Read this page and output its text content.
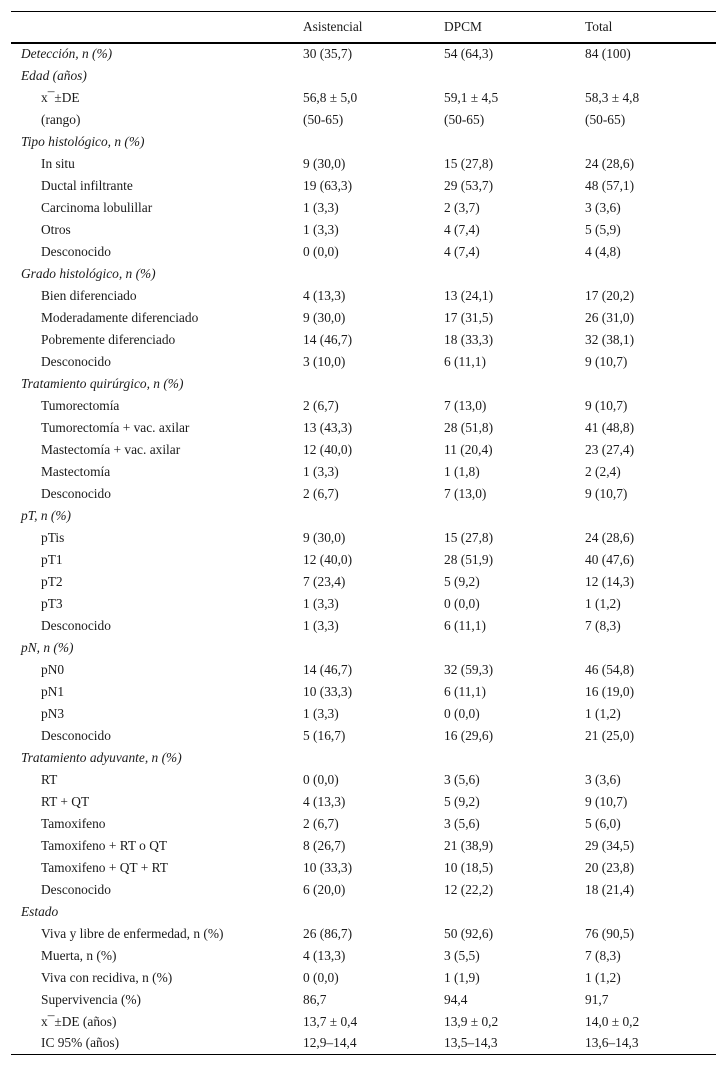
	Asistencial	DPCM	Total
Detección, n (%)	30 (35,7)	54 (64,3)	84 (100)
Edad (años)			
x¯±DE	56,8 ± 5,0	59,1 ± 4,5	58,3 ± 4,8
(rango)	(50-65)	(50-65)	(50-65)
Tipo histológico, n (%)			
In situ	9 (30,0)	15 (27,8)	24 (28,6)
Ductal infiltrante	19 (63,3)	29 (53,7)	48 (57,1)
Carcinoma lobulillar	1 (3,3)	2 (3,7)	3 (3,6)
Otros	1 (3,3)	4 (7,4)	5 (5,9)
Desconocido	0 (0,0)	4 (7,4)	4 (4,8)
Grado histológico, n (%)			
Bien diferenciado	4 (13,3)	13 (24,1)	17 (20,2)
Moderadamente diferenciado	9 (30,0)	17 (31,5)	26 (31,0)
Pobremente diferenciado	14 (46,7)	18 (33,3)	32 (38,1)
Desconocido	3 (10,0)	6 (11,1)	9 (10,7)
Tratamiento quirúrgico, n (%)			
Tumorectomía	2 (6,7)	7 (13,0)	9 (10,7)
Tumorectomía + vac. axilar	13 (43,3)	28 (51,8)	41 (48,8)
Mastectomía + vac. axilar	12 (40,0)	11 (20,4)	23 (27,4)
Mastectomía	1 (3,3)	1 (1,8)	2 (2,4)
Desconocido	2 (6,7)	7 (13,0)	9 (10,7)
pT, n (%)			
pTis	9 (30,0)	15 (27,8)	24 (28,6)
pT1	12 (40,0)	28 (51,9)	40 (47,6)
pT2	7 (23,4)	5 (9,2)	12 (14,3)
pT3	1 (3,3)	0 (0,0)	1 (1,2)
Desconocido	1 (3,3)	6 (11,1)	7 (8,3)
pN, n (%)			
pN0	14 (46,7)	32 (59,3)	46 (54,8)
pN1	10 (33,3)	6 (11,1)	16 (19,0)
pN3	1 (3,3)	0 (0,0)	1 (1,2)
Desconocido	5 (16,7)	16 (29,6)	21 (25,0)
Tratamiento adyuvante, n (%)			
RT	0 (0,0)	3 (5,6)	3 (3,6)
RT + QT	4 (13,3)	5 (9,2)	9 (10,7)
Tamoxifeno	2 (6,7)	3 (5,6)	5 (6,0)
Tamoxifeno + RT o QT	8 (26,7)	21 (38,9)	29 (34,5)
Tamoxifeno + QT + RT	10 (33,3)	10 (18,5)	20 (23,8)
Desconocido	6 (20,0)	12 (22,2)	18 (21,4)
Estado			
Viva y libre de enfermedad, n (%)	26 (86,7)	50 (92,6)	76 (90,5)
Muerta, n (%)	4 (13,3)	3 (5,5)	7 (8,3)
Viva con recidiva, n (%)	0 (0,0)	1 (1,9)	1 (1,2)
Supervivencia (%)	86,7	94,4	91,7
x¯±DE (años)	13,7 ± 0,4	13,9 ± 0,2	14,0 ± 0,2
IC 95% (años)	12,9–14,4	13,5–14,3	13,6–14,3
